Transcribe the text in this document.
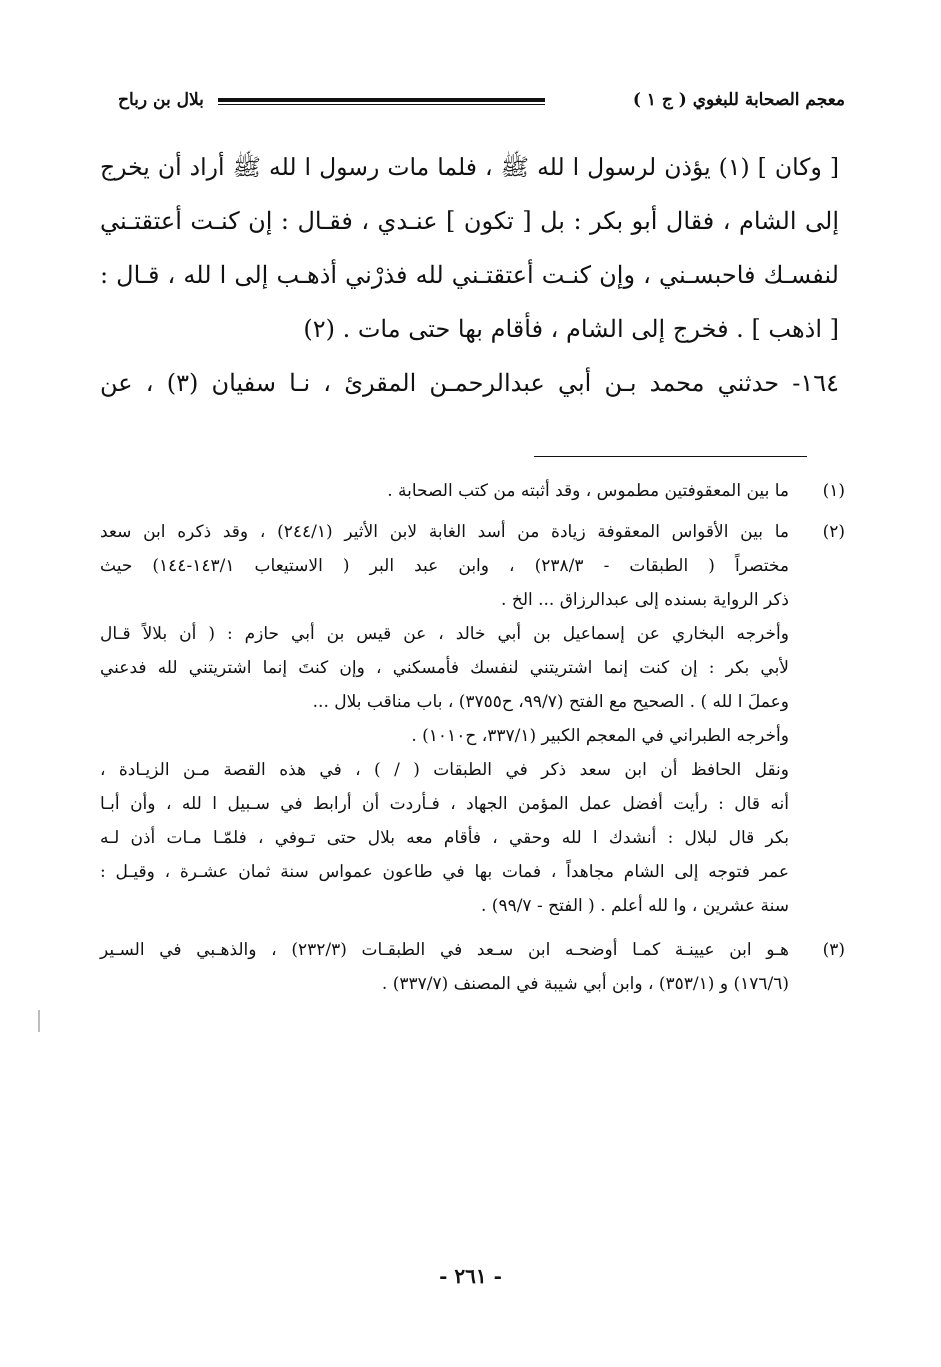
معجم الصحابة للبغوي ( ج ١ )
بلال بن رباح
[ وكان ] (١) يؤذن لرسول ا لله ﷺ ، فلما مات رسول ا لله ﷺ أراد أن يخرج
إلى الشام ، فقال أبو بكر : بل [ تكون ] عنـدي ، فقـال : إن كنـت أعتقتـني
لنفسـك فاحبسـني ، وإن كنـت أعتقتـني لله فذرْني أذهـب إلى ا لله ، قـال :
[ اذهب ] . فخرج إلى الشام ، فأقام بها حتى مات . (٢)
١٦٤- حدثني محمد بـن أبي عبدالرحمـن المقرئ ، نـا سفيان (٣) ، عن
(١)
ما بين المعقوفتين مطموس ، وقد أثبته من كتب الصحابة .
(٢)
ما بين الأقواس المعقوفة زيادة من أسد الغابة لابن الأثير (٢٤٤/١) ، وقد ذكره ابن سعد
مختصراً ( الطبقات - ٢٣٨/٣) ، وابن عبد البر ( الاستيعاب ١٤٣/١-١٤٤) حيث
ذكر الرواية بسنده إلى عبدالرزاق ... الخ .
وأخرجه البخاري عن إسماعيل بن أبي خالد ، عن قيس بن أبي حازم : ( أن بلالاً قـال
لأبي بكر : إن كنت إنما اشتريتني لنفسك فأمسكني ، وإن كنتَ إنما اشتريتني لله فدعني
وعملَ ا لله ) . الصحيح مع الفتح (٩٩/٧، ح٣٧٥٥) ، باب مناقب بلال ...
وأخرجه الطبراني في المعجم الكبير (٣٣٧/١، ح١٠١٠) .
ونقل الحافظ أن ابن سعد ذكر في الطبقات ( / ) ، في هذه القصة مـن الزيـادة ،
أنه قال : رأيت أفضل عمل المؤمن الجهاد ، فـأردت أن أرابط في سـبيل ا لله ، وأن أبـا
بكر قال لبلال : أنشدك ا لله وحقي ، فأقام معه بلال حتى تـوفي ، فلمّـا مـات أذن لـه
عمر فتوجه إلى الشام مجاهداً ، فمات بها في طاعون عمواس سنة ثمان عشـرة ، وقيـل :
سنة عشرين ، وا لله أعلم . ( الفتح - ٩٩/٧) .
(٣)
هـو ابن عيينـة كمـا أوضحـه ابن سـعد في الطبقـات (٢٣٢/٣) ، والذهـبي في السـير
(١٧٦/٦) و (٣٥٣/١) ، وابن أبي شيبة في المصنف (٣٣٧/٧) .
- ٢٦١ -
